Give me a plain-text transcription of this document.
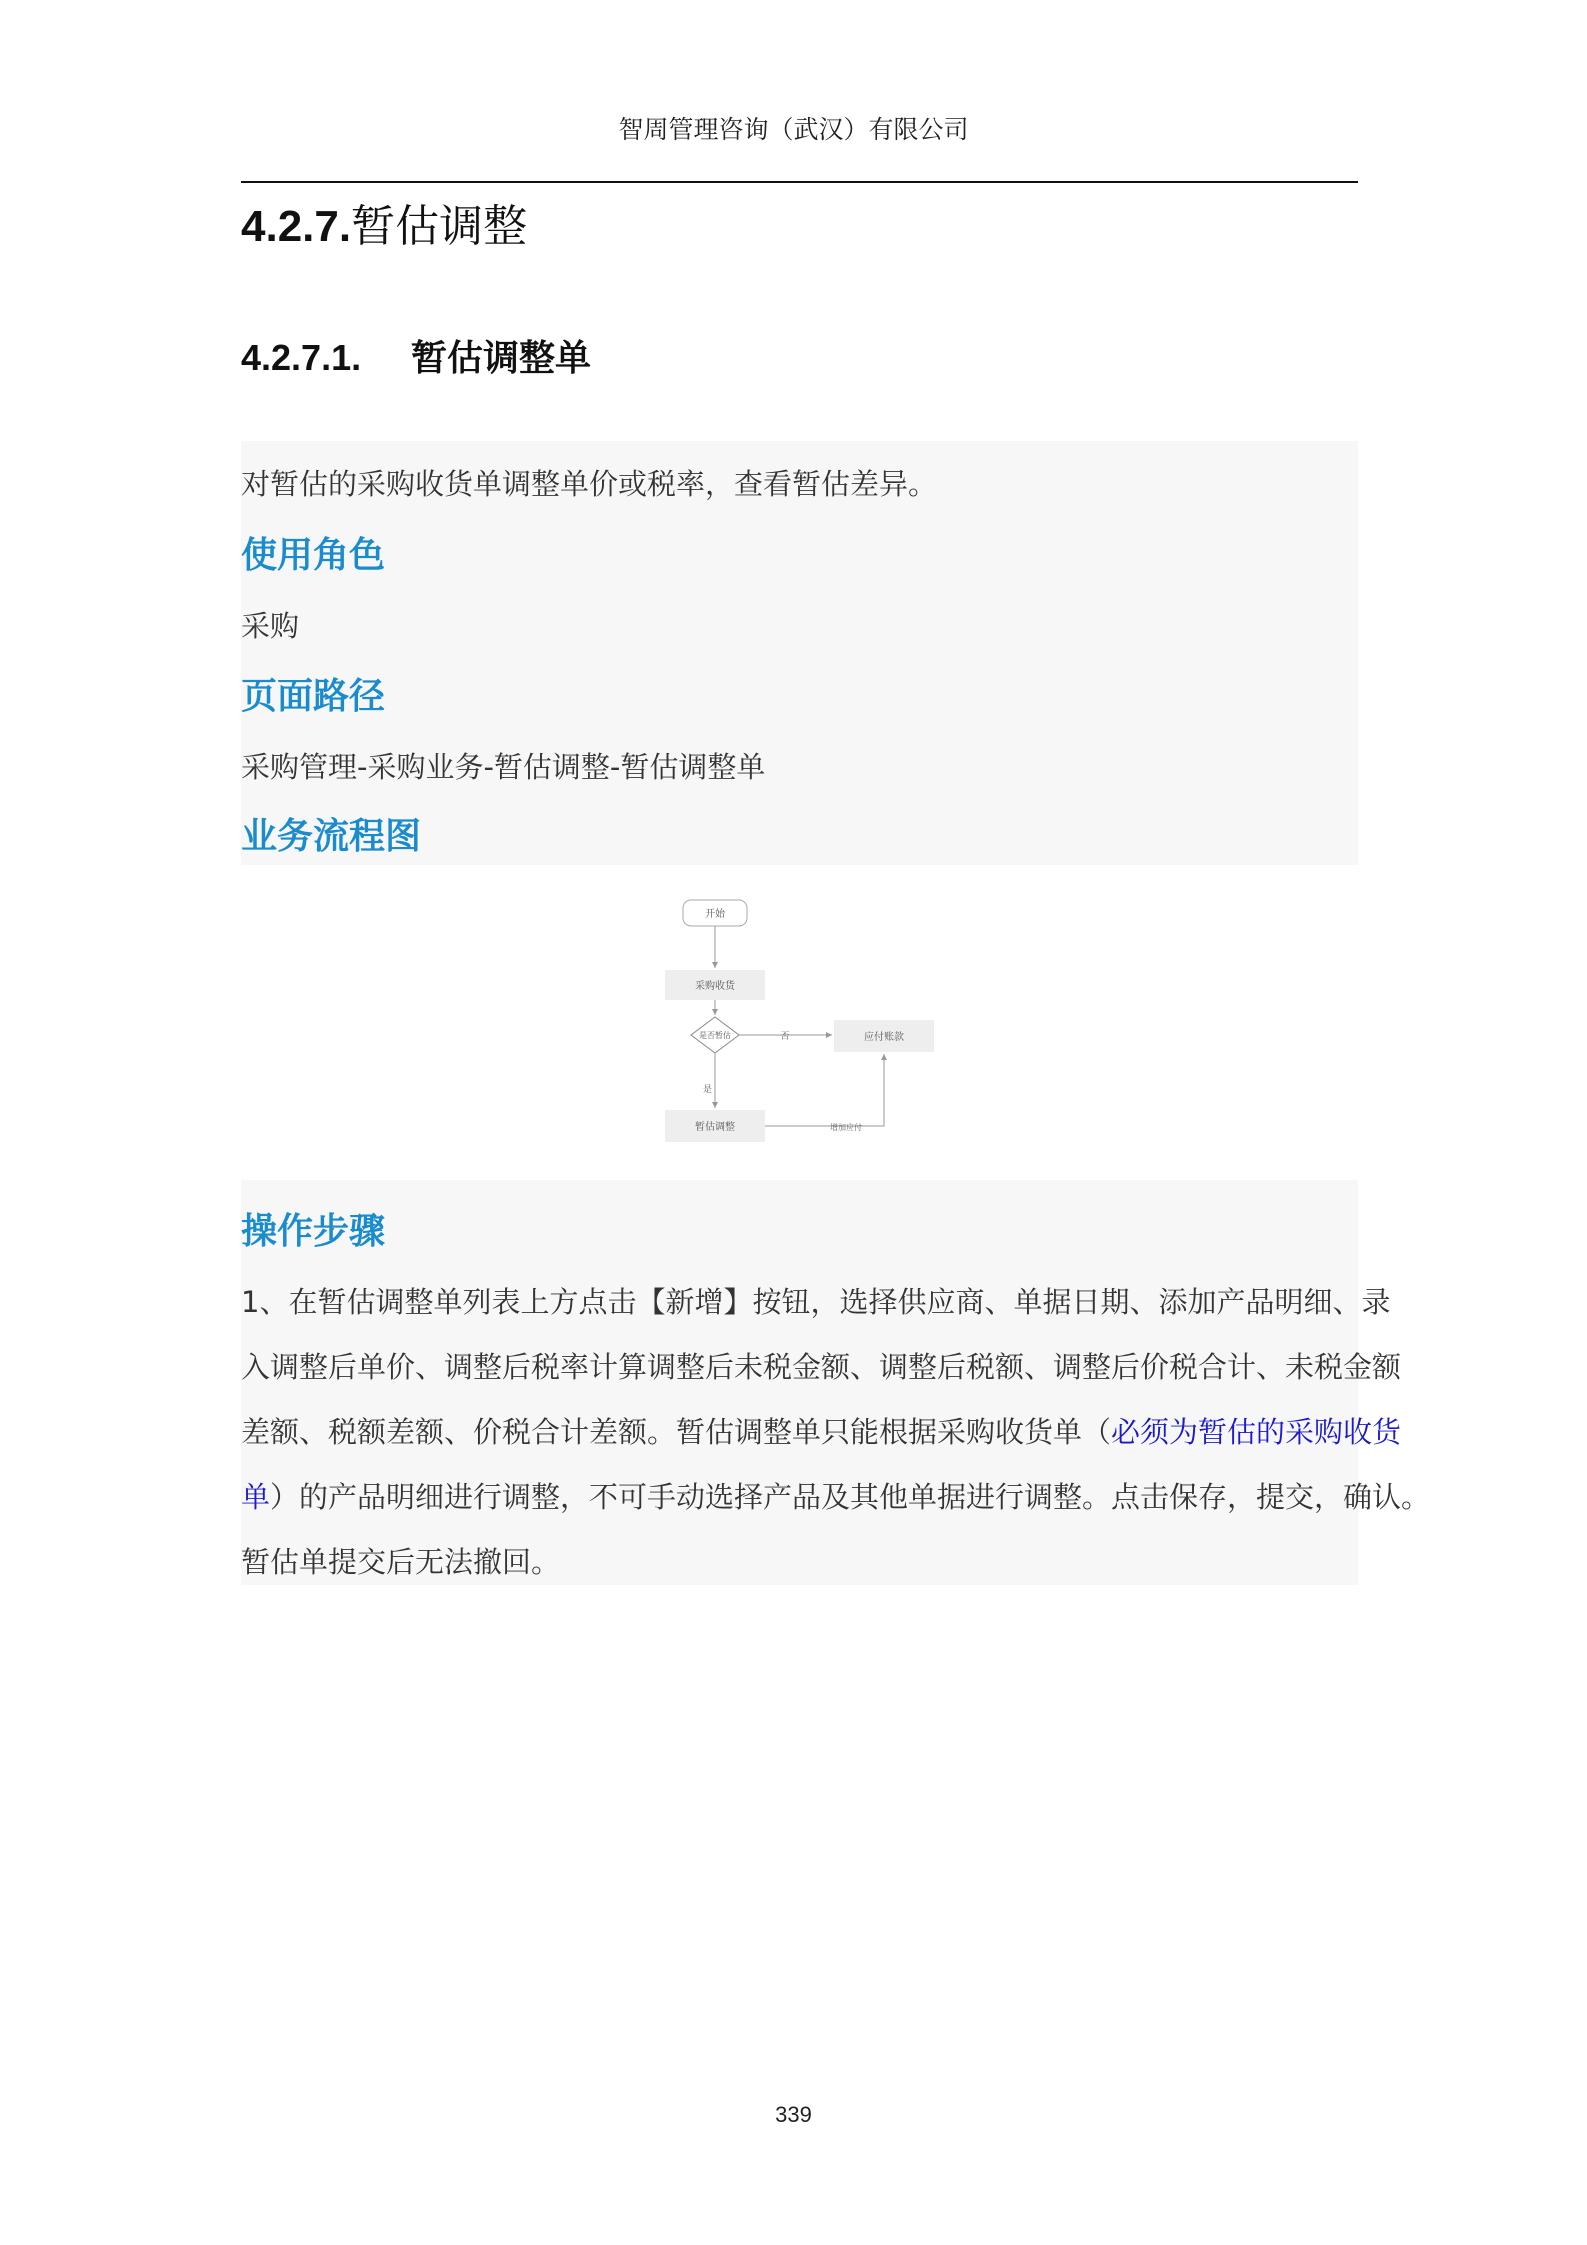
智周管理咨询（武汉）有限公司
4.2.7.暂估调整
4.2.7.1. 暂估调整单
对暂估的采购收货单调整单价或税率，查看暂估差异。
使用角色
采购
页面路径
采购管理-采购业务-暂估调整-暂估调整单
业务流程图
开始
采购收货
是否暂估	否	应付账款
是
暂估调整	增加应付
操作步骤
1、在暂估调整单列表上方点击【新增】按钮，选择供应商、单据日期、添加产品明细、录
入调整后单价、调整后税率计算调整后未税金额、调整后税额、调整后价税合计、未税金额
差额、税额差额、价税合计差额。暂估调整单只能根据采购收货单（必须为暂估的采购收货
单）的产品明细进行调整，不可手动选择产品及其他单据进行调整。点击保存，提交，确认。
暂估单提交后无法撤回。
339
